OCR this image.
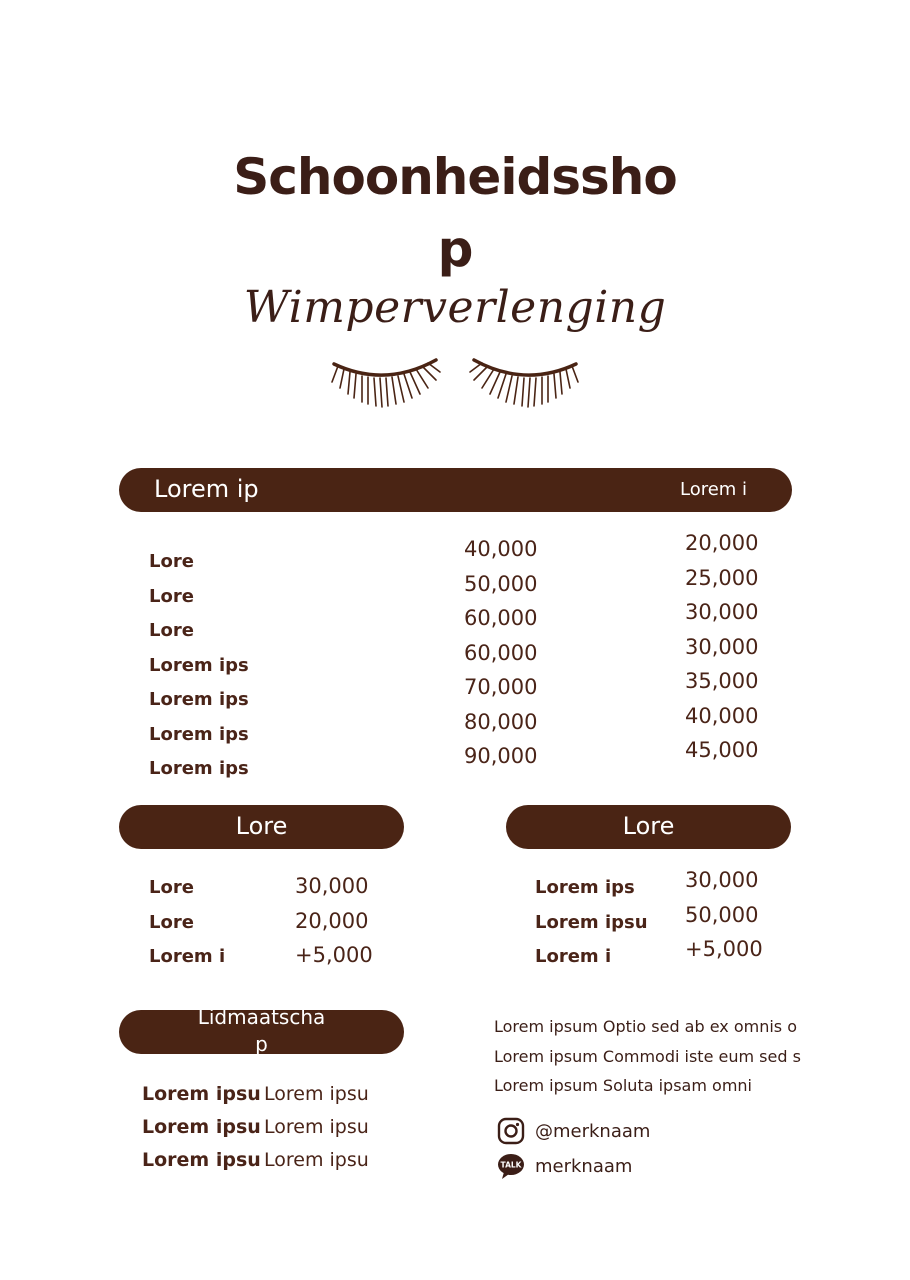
Schoonheidssho
p
Wimperverlenging
Lorem ip	Lorem i
Lore
Lore
Lore
Lorem ips
Lorem ips
Lorem ips
Lorem ips
40,000
50,000
60,000
60,000
70,000
80,000
90,000
20,000
25,000
30,000
30,000
35,000
40,000
45,000
Lore
Lore
Lore
Lorem i
30,000
20,000
+5,000
Lore
Lorem ips
Lorem ipsu
Lorem i
30,000
50,000
+5,000
Lidmaatscha
p
Lorem ipsu Lorem ipsu
Lorem ipsu Lorem ipsu
Lorem ipsu Lorem ipsu
Lorem ipsum Optio sed ab ex omnis o
Lorem ipsum Commodi iste eum sed s
Lorem ipsum Soluta ipsam omni
@merknaam
TALK merknaam
